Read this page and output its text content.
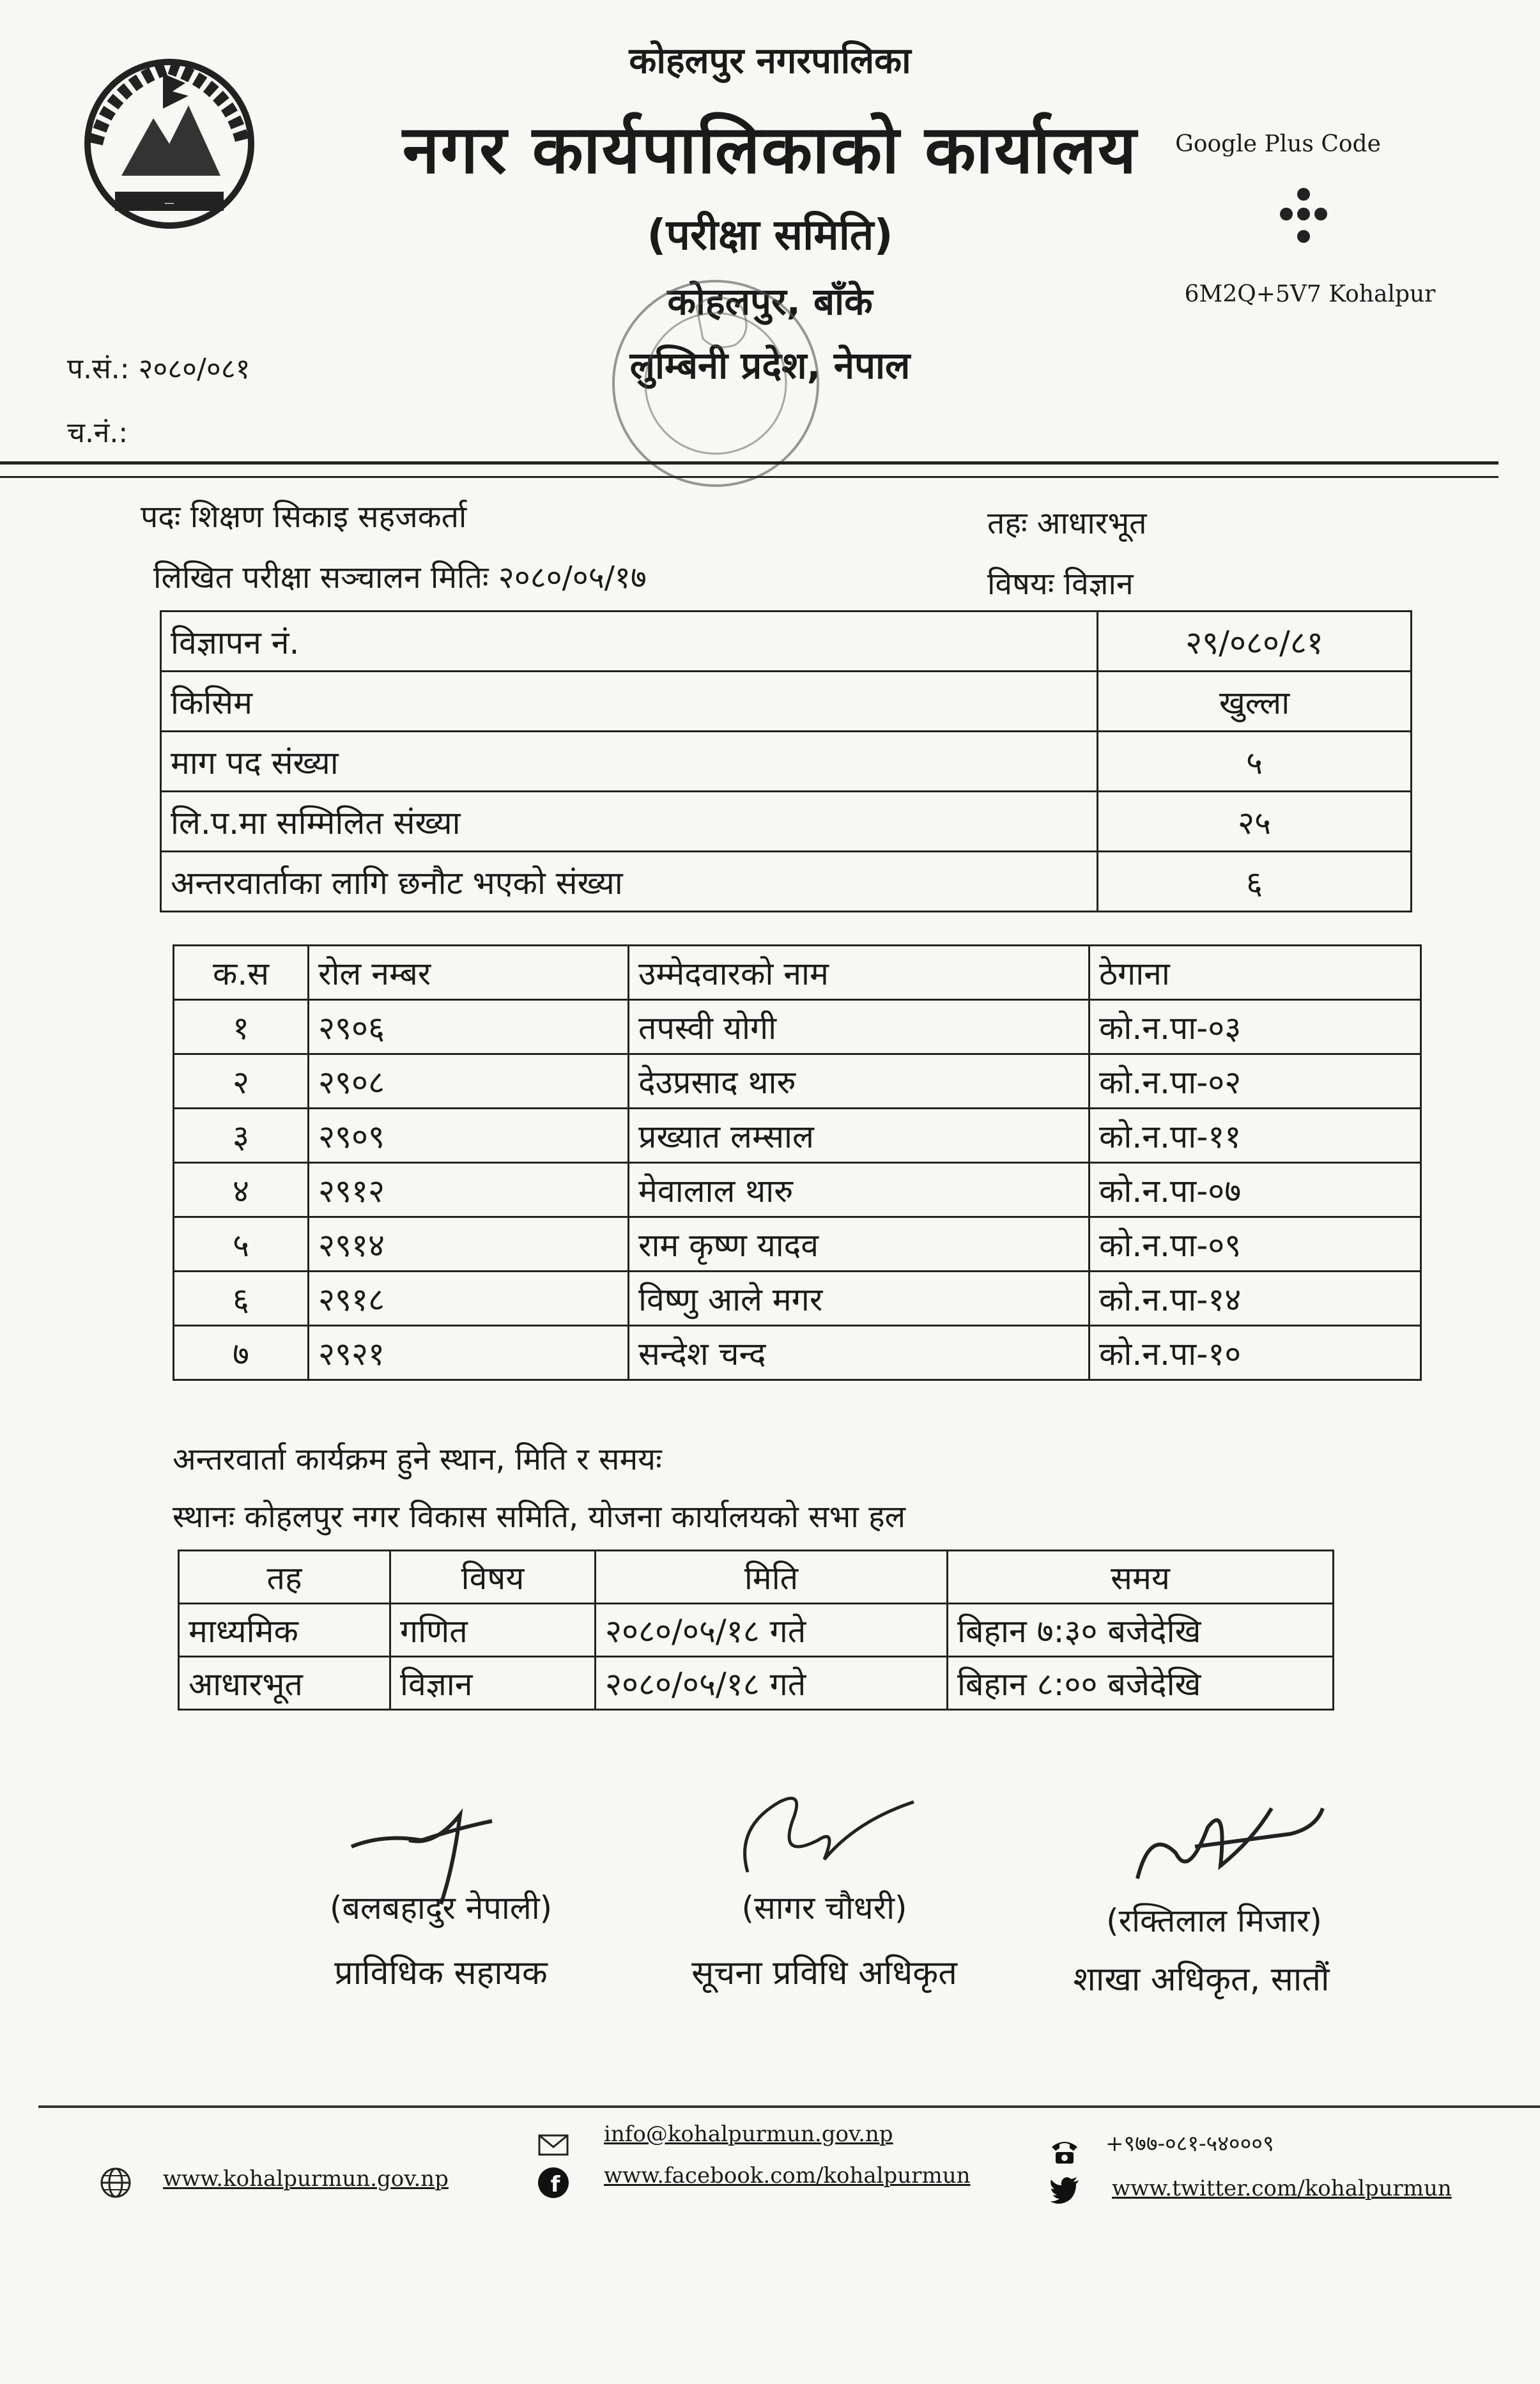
—
कोहलपुर नगरपालिका
नगर कार्यपालिकाको कार्यालय
(परीक्षा समिति)
कोहलपुर, बाँके
लुम्बिनी प्रदेश, नेपाल
Google Plus Code
6M2Q+5V7 Kohalpur
प.सं.: २०८०/०८१
च.नं.:
पदः शिक्षण सिकाइ सहजकर्ता	तहः आधारभूत
लिखित परीक्षा सञ्चालन मितिः २०८०/०५/१७	विषयः विज्ञान
विज्ञापन नं.	२९/०८०/८१
किसिम	खुल्ला
माग पद संख्या	५
लि.प.मा सम्मिलित संख्या	२५
अन्तरवार्ताका लागि छनौट भएको संख्या	६
क.स	रोल नम्बर	उम्मेदवारको नाम	ठेगाना
१	२९०६	तपस्वी योगी	को.न.पा-०३
२	२९०८	देउप्रसाद थारु	को.न.पा-०२
३	२९०९	प्रख्यात लम्साल	को.न.पा-११
४	२९१२	मेवालाल थारु	को.न.पा-०७
५	२९१४	राम कृष्ण यादव	को.न.पा-०९
६	२९१८	विष्णु आले मगर	को.न.पा-१४
७	२९२१	सन्देश चन्द	को.न.पा-१०
अन्तरवार्ता कार्यक्रम हुने स्थान, मिति र समयः
स्थानः कोहलपुर नगर विकास समिति, योजना कार्यालयको सभा हल
तह	विषय	मिति	समय
माध्यमिक	गणित	२०८०/०५/१८ गते	बिहान ७:३० बजेदेखि
आधारभूत	विज्ञान	२०८०/०५/१८ गते	बिहान ८:०० बजेदेखि
(बलबहादुर नेपाली)
प्राविधिक सहायक
(सागर चौधरी)
सूचना प्रविधि अधिकृत
(रक्तिलाल मिजार)
शाखा अधिकृत, सातौं
www.kohalpurmun.gov.np
info@kohalpurmun.gov.np
f www.facebook.com/kohalpurmun
+९७७-०८१-५४०००९
www.twitter.com/kohalpurmun
